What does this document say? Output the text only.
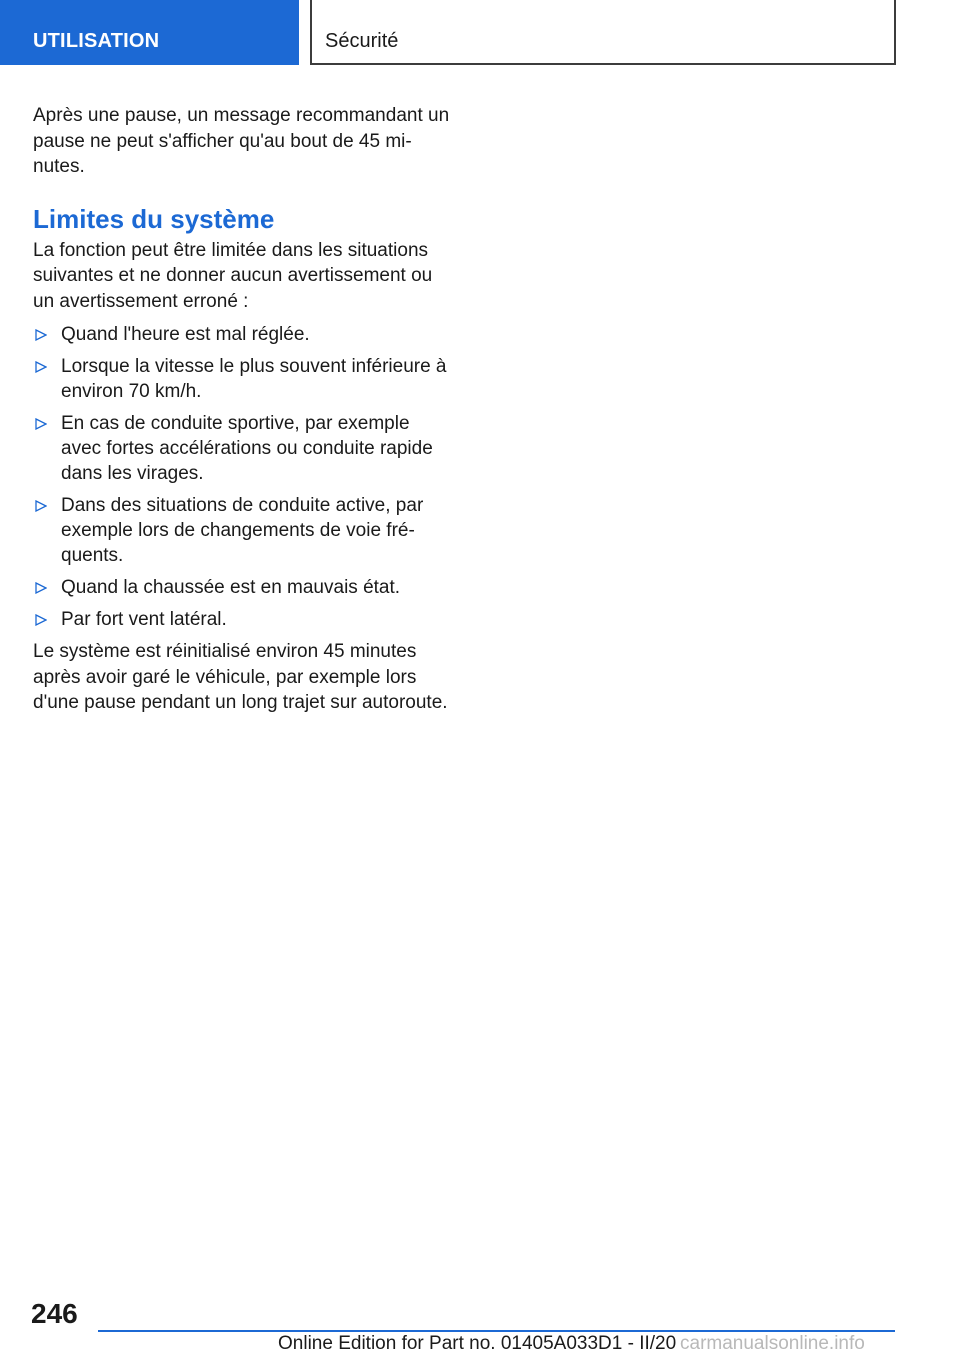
UTILISATION	Sécurité

Après une pause, un message recommandant un pause ne peut s'afficher qu'au bout de 45 minutes.

Limites du système

La fonction peut être limitée dans les situations suivantes et ne donner aucun avertissement ou un avertissement erroné :

Quand l'heure est mal réglée.
Lorsque la vitesse le plus souvent inférieure à environ 70 km/h.
En cas de conduite sportive, par exemple avec fortes accélérations ou conduite rapide dans les virages.
Dans des situations de conduite active, par exemple lors de changements de voie fréquents.
Quand la chaussée est en mauvais état.
Par fort vent latéral.

Le système est réinitialisé environ 45 minutes après avoir garé le véhicule, par exemple lors d'une pause pendant un long trajet sur autoroute.

246
Online Edition for Part no. 01405A033D1 - II/20 carmanualsonline.info
